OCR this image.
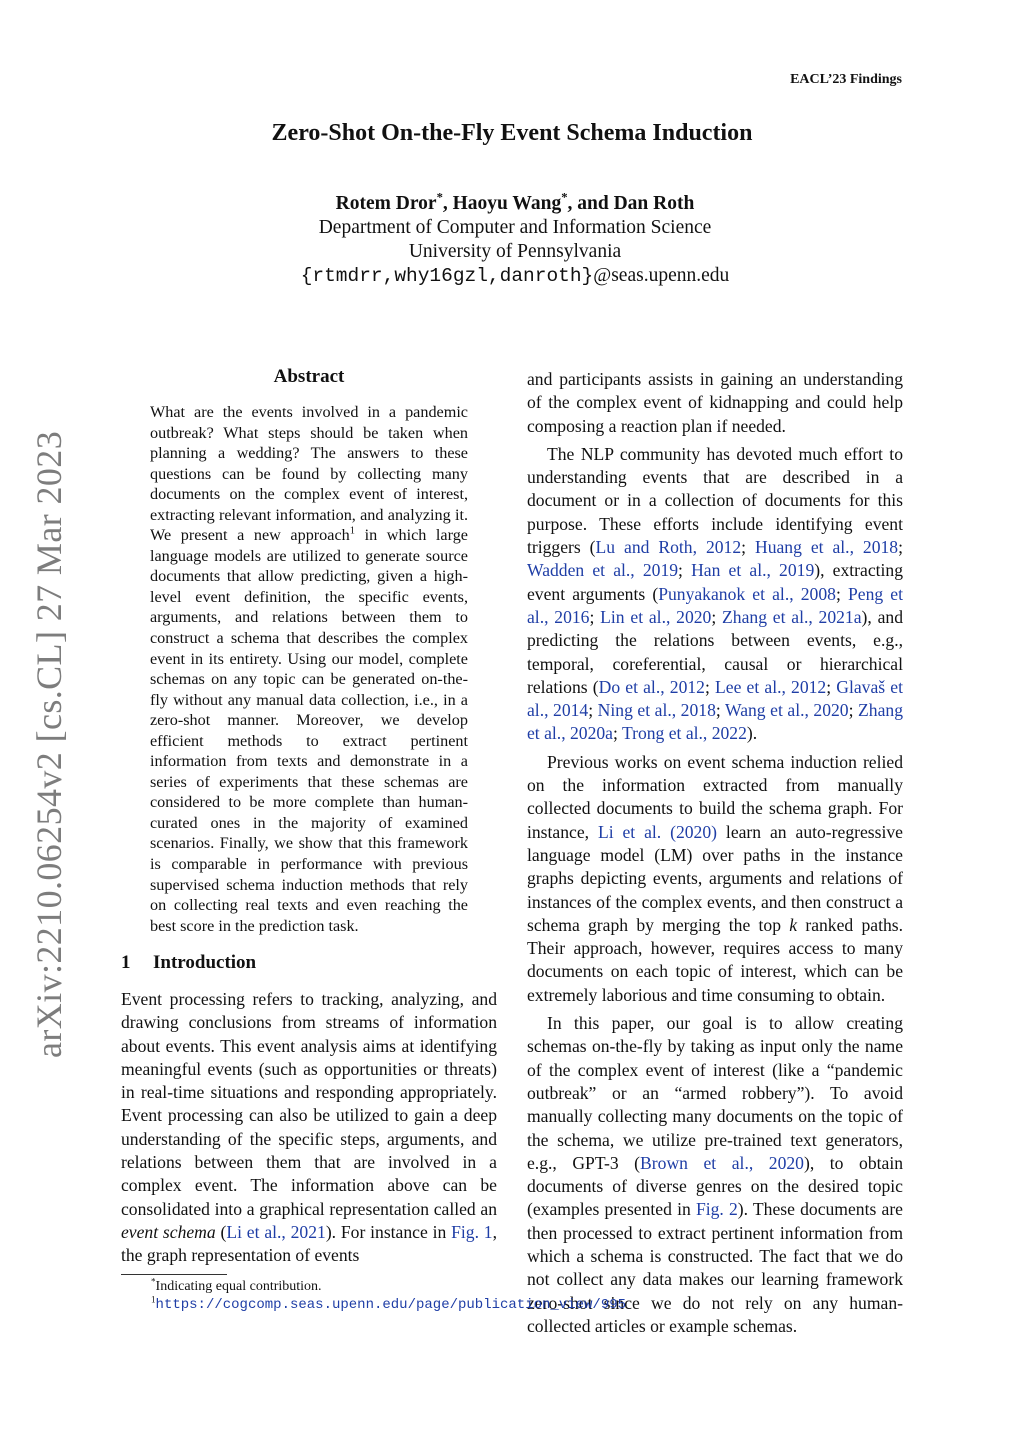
EACL’23 Findings
Zero-Shot On-the-Fly Event Schema Induction
Rotem Dror*, Haoyu Wang*, and Dan Roth
Department of Computer and Information Science
University of Pennsylvania
{rtmdrr,why16gzl,danroth}@seas.upenn.edu
arXiv:2210.06254v2 [cs.CL] 27 Mar 2023
Abstract

What are the events involved in a pandemic outbreak? What steps should be taken when planning a wedding? The answers to these questions can be found by collecting many documents on the complex event of interest, extracting relevant information, and analyzing it. We present a new approach$^1$ in which large language models are utilized to generate source documents that allow predicting, given a high-level event definition, the specific events, arguments, and relations between them to construct a schema that describes the complex event in its entirety. Using our model, complete schemas on any topic can be generated on-the-fly without any manual data collection, i.e., in a zero-shot manner. Moreover, we develop efficient methods to extract pertinent information from texts and demonstrate in a series of experiments that these schemas are considered to be more complete than human-curated ones in the majority of examined scenarios. Finally, we show that this framework is comparable in performance with previous supervised schema induction methods that rely on collecting real texts and even reaching the best score in the prediction task.

1 Introduction

Event processing refers to tracking, analyzing, and drawing conclusions from streams of information about events. This event analysis aims at identifying meaningful events (such as opportunities or threats) in real-time situations and responding appropriately. Event processing can also be utilized to gain a deep understanding of the specific steps, arguments, and relations between them that are involved in a complex event. The information above can be consolidated into a graphical representation called an event schema (Li et al., 2021). For instance in Fig. 1, the graph representation of events

and participants assists in gaining an understanding of the complex event of kidnapping and could help composing a reaction plan if needed.

The NLP community has devoted much effort to understanding events that are described in a document or in a collection of documents for this purpose. These efforts include identifying event triggers (Lu and Roth, 2012; Huang et al., 2018; Wadden et al., 2019; Han et al., 2019), extracting event arguments (Punyakanok et al., 2008; Peng et al., 2016; Lin et al., 2020; Zhang et al., 2021a), and predicting the relations between events, e.g., temporal, coreferential, causal or hierarchical relations (Do et al., 2012; Lee et al., 2012; Glavaš et al., 2014; Ning et al., 2018; Wang et al., 2020; Zhang et al., 2020a; Trong et al., 2022).

Previous works on event schema induction relied on the information extracted from manually collected documents to build the schema graph. For instance, Li et al. (2020) learn an auto-regressive language model (LM) over paths in the instance graphs depicting events, arguments and relations of instances of the complex events, and then construct a schema graph by merging the top k ranked paths. Their approach, however, requires access to many documents on each topic of interest, which can be extremely laborious and time consuming to obtain.

In this paper, our goal is to allow creating schemas on-the-fly by taking as input only the name of the complex event of interest (like a “pandemic outbreak” or an “armed robbery”). To avoid manually collecting many documents on the topic of the schema, we utilize pre-trained text generators, e.g., GPT-3 (Brown et al., 2020), to obtain documents of diverse genres on the desired topic (examples presented in Fig. 2). These documents are then processed to extract pertinent information from which a schema is constructed. The fact that we do not collect any data makes our learning framework zero-shot since we do not rely on any human-collected articles or example schemas.

*Indicating equal contribution.
$^1$https://cogcomp.seas.upenn.edu/page/publication_view/995
